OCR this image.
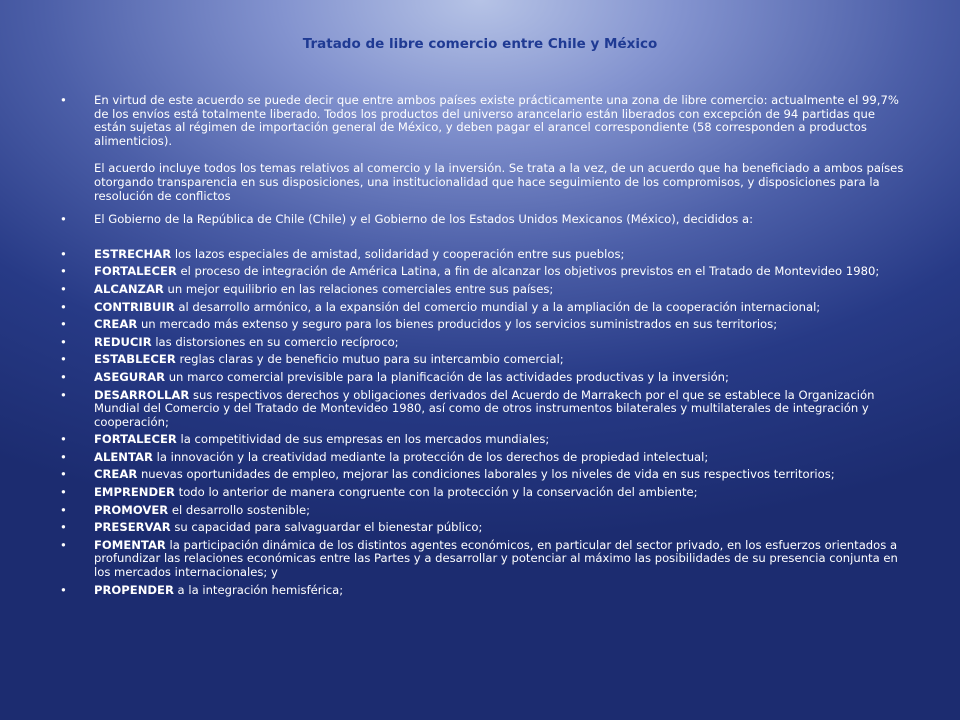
Tratado de libre comercio entre Chile y México
• En virtud de este acuerdo se puede decir que entre ambos países existe prácticamente una zona de libre comercio: actualmente el 99,7% de los envíos está totalmente liberado. Todos los productos del universo arancelario están liberados con excepción de 94 partidas que están sujetas al régimen de importación general de México, y deben pagar el arancel correspondiente (58 corresponden a productos alimenticios).

El acuerdo incluye todos los temas relativos al comercio y la inversión. Se trata a la vez, de un acuerdo que ha beneficiado a ambos países otorgando transparencia en sus disposiciones, una institucionalidad que hace seguimiento de los compromisos, y disposiciones para la resolución de conflictos

• El Gobierno de la República de Chile (Chile) y el Gobierno de los Estados Unidos Mexicanos (México), decididos a:
• ESTRECHAR los lazos especiales de amistad, solidaridad y cooperación entre sus pueblos;
• FORTALECER el proceso de integración de América Latina, a fin de alcanzar los objetivos previstos en el Tratado de Montevideo 1980;
• ALCANZAR un mejor equilibrio en las relaciones comerciales entre sus países;
• CONTRIBUIR al desarrollo armónico, a la expansión del comercio mundial y a la ampliación de la cooperación internacional;
• CREAR un mercado más extenso y seguro para los bienes producidos y los servicios suministrados en sus territorios;
• REDUCIR las distorsiones en su comercio recíproco;
• ESTABLECER reglas claras y de beneficio mutuo para su intercambio comercial;
• ASEGURAR un marco comercial previsible para la planificación de las actividades productivas y la inversión;
• DESARROLLAR sus respectivos derechos y obligaciones derivados del Acuerdo de Marrakech por el que se establece la Organización Mundial del Comercio y del Tratado de Montevideo 1980, así como de otros instrumentos bilaterales y multilaterales de integración y cooperación;
• FORTALECER la competitividad de sus empresas en los mercados mundiales;
• ALENTAR la innovación y la creatividad mediante la protección de los derechos de propiedad intelectual;
• CREAR nuevas oportunidades de empleo, mejorar las condiciones laborales y los niveles de vida en sus respectivos territorios;
• EMPRENDER todo lo anterior de manera congruente con la protección y la conservación del ambiente;
• PROMOVER el desarrollo sostenible;
• PRESERVAR su capacidad para salvaguardar el bienestar público;
• FOMENTAR la participación dinámica de los distintos agentes económicos, en particular del sector privado, en los esfuerzos orientados a profundizar las relaciones económicas entre las Partes y a desarrollar y potenciar al máximo las posibilidades de su presencia conjunta en los mercados internacionales; y
• PROPENDER a la integración hemisférica;
